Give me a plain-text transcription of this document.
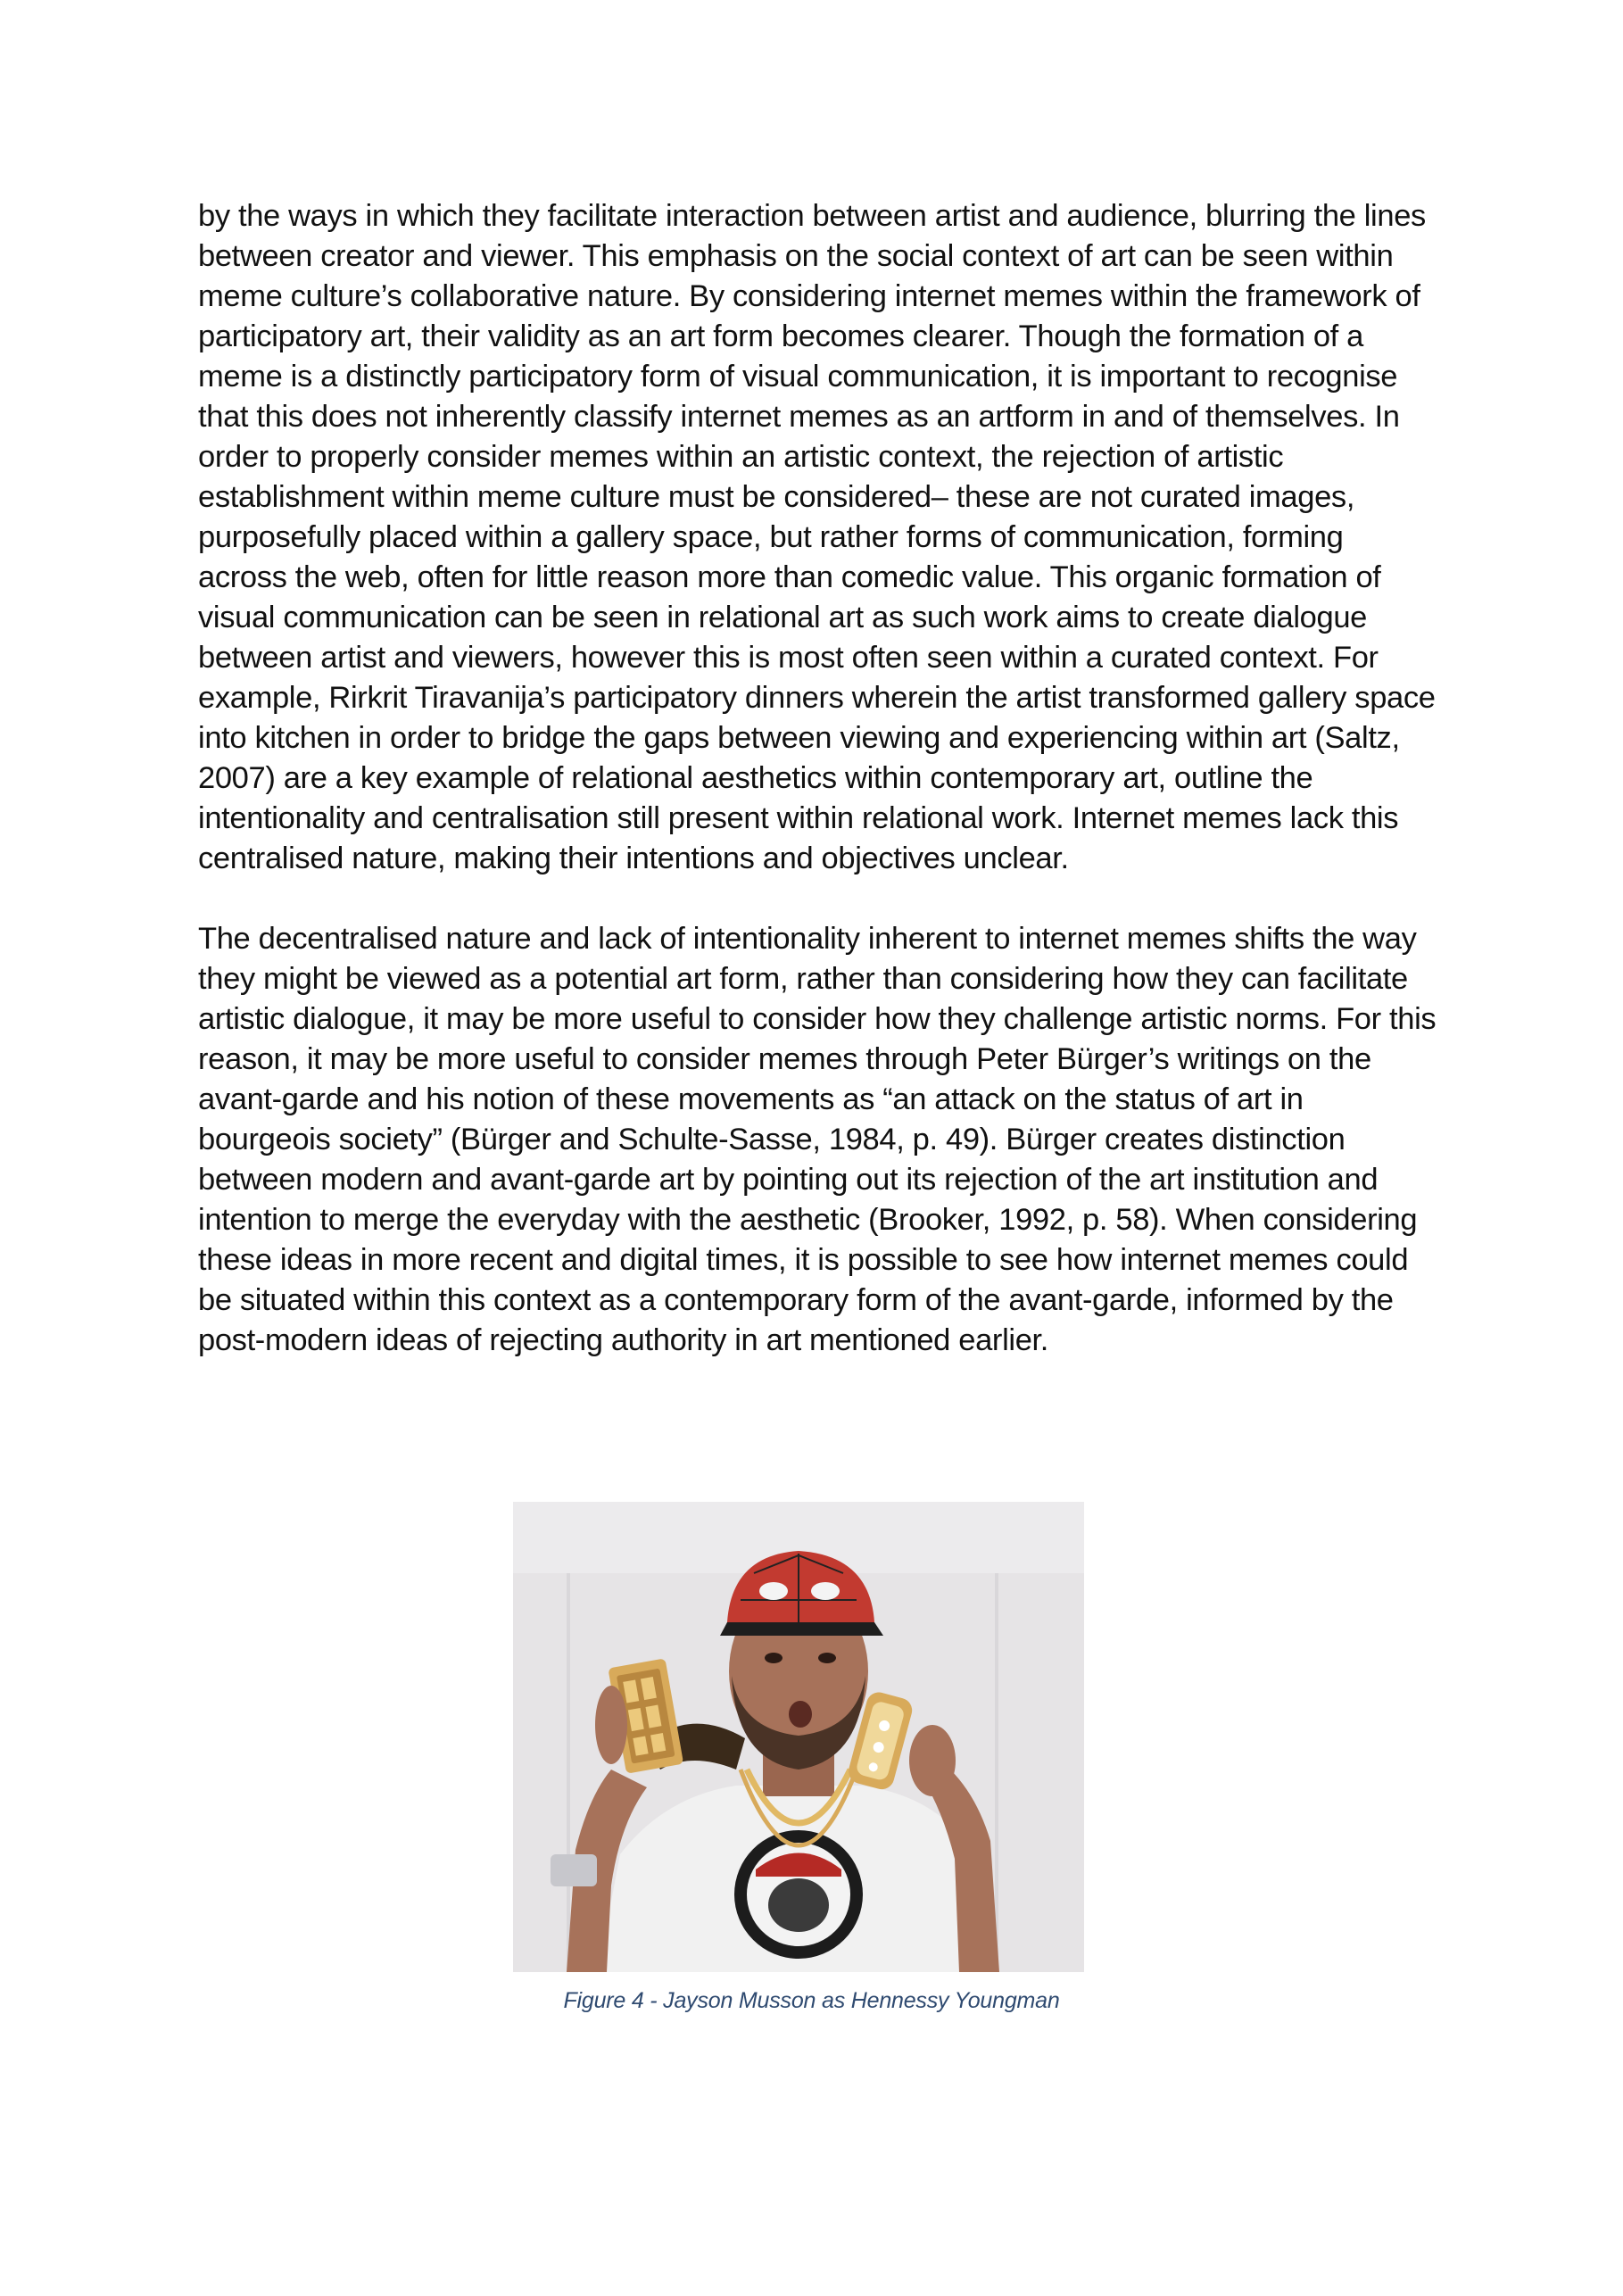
by the ways in which they facilitate interaction between artist and audience, blurring the lines between creator and viewer. This emphasis on the social context of art can be seen within meme culture’s collaborative nature. By considering internet memes within the framework of participatory art, their validity as an art form becomes clearer. Though the formation of a meme is a distinctly participatory form of visual communication, it is important to recognise that this does not inherently classify internet memes as an artform in and of themselves. In order to properly consider memes within an artistic context, the rejection of artistic establishment within meme culture must be considered– these are not curated images, purposefully placed within a gallery space, but rather forms of communication, forming across the web, often for little reason more than comedic value. This organic formation of visual communication can be seen in relational art as such work aims to create dialogue between artist and viewers, however this is most often seen within a curated context. For example, Rirkrit Tiravanija’s participatory dinners wherein the artist transformed gallery space into kitchen in order to bridge the gaps between viewing and experiencing within art (Saltz, 2007) are a key example of relational aesthetics within contemporary art, outline the intentionality and centralisation still present within relational work. Internet memes lack this centralised nature, making their intentions and objectives unclear.

The decentralised nature and lack of intentionality inherent to internet memes shifts the way they might be viewed as a potential art form, rather than considering how they can facilitate artistic dialogue, it may be more useful to consider how they challenge artistic norms. For this reason, it may be more useful to consider memes through Peter Bürger’s writings on the avant-garde and his notion of these movements as “an attack on the status of art in bourgeois society” (Bürger and Schulte-Sasse, 1984, p. 49). Bürger creates distinction between modern and avant-garde art by pointing out its rejection of the art institution and intention to merge the everyday with the aesthetic (Brooker, 1992, p. 58). When considering these ideas in more recent and digital times, it is possible to see how internet memes could be situated within this context as a contemporary form of the avant-garde, informed by the post-modern ideas of rejecting authority in art mentioned earlier.

Figure 4 - Jayson Musson as Hennessy Youngman
